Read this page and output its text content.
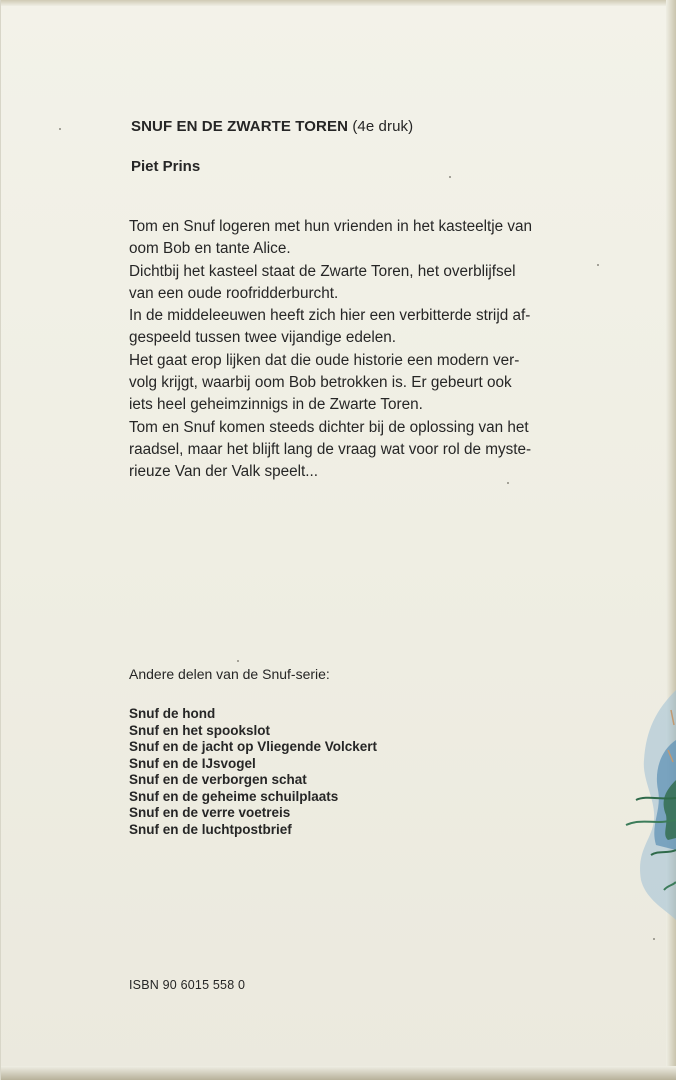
SNUF EN DE ZWARTE TOREN (4e druk)
Piet Prins

Tom en Snuf logeren met hun vrienden in het kasteeltje van

oom Bob en tante Alice.

Dichtbij het kasteel staat de Zwarte Toren, het overblijfsel

van een oude roofridderburcht.

In de middeleeuwen heeft zich hier een verbitterde strijd af-

gespeeld tussen twee vijandige edelen.

Het gaat erop lijken dat die oude historie een modern ver-

volg krijgt, waarbij oom Bob betrokken is. Er gebeurt ook

iets heel geheimzinnigs in de Zwarte Toren.

Tom en Snuf komen steeds dichter bij de oplossing van het

raadsel, maar het blijft lang de vraag wat voor rol de myste-

rieuze Van der Valk speelt...

Andere delen van de Snuf-serie:
Snuf de hond
Snuf en het spookslot
Snuf en de jacht op Vliegende Volckert
Snuf en de IJsvogel
Snuf en de verborgen schat
Snuf en de geheime schuilplaats
Snuf en de verre voetreis
Snuf en de luchtpostbrief
ISBN 90 6015 558 0
